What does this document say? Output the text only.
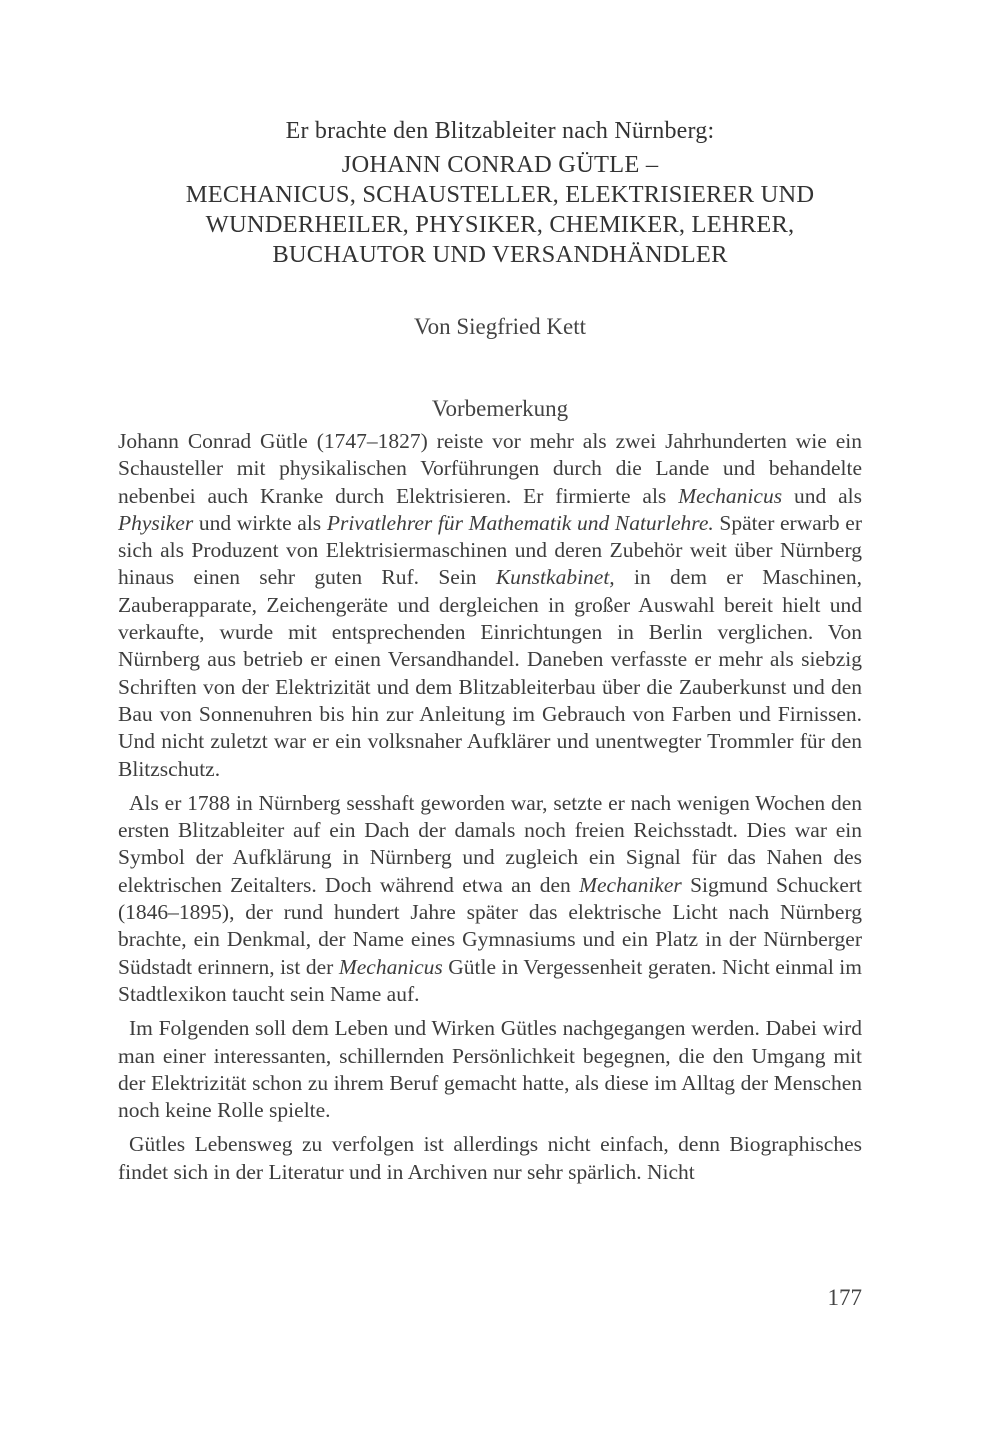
Er brachte den Blitzableiter nach Nürnberg:
JOHANN CONRAD GÜTLE –
MECHANICUS, SCHAUSTELLER, ELEKTRISIERER UND
WUNDERHEILER, PHYSIKER, CHEMIKER, LEHRER,
BUCHAUTOR UND VERSANDHÄNDLER
Von Siegfried Kett
Vorbemerkung

Johann Conrad Gütle (1747–1827) reiste vor mehr als zwei Jahrhunderten wie ein Schausteller mit physikalischen Vorführungen durch die Lande und behandelte nebenbei auch Kranke durch Elektrisieren. Er firmierte als Mechanicus und als Physiker und wirkte als Privatlehrer für Mathematik und Naturlehre. Später erwarb er sich als Produzent von Elektrisiermaschinen und deren Zubehör weit über Nürnberg hinaus einen sehr guten Ruf. Sein Kunstkabinet, in dem er Maschinen, Zauberapparate, Zeichengeräte und dergleichen in großer Auswahl bereit hielt und verkaufte, wurde mit entsprechenden Einrichtungen in Berlin verglichen. Von Nürnberg aus betrieb er einen Versandhandel. Daneben verfasste er mehr als siebzig Schriften von der Elektrizität und dem Blitzableiterbau über die Zauberkunst und den Bau von Sonnenuhren bis hin zur Anleitung im Gebrauch von Farben und Firnissen. Und nicht zuletzt war er ein volksnaher Aufklärer und unentwegter Trommler für den Blitzschutz.

Als er 1788 in Nürnberg sesshaft geworden war, setzte er nach wenigen Wochen den ersten Blitzableiter auf ein Dach der damals noch freien Reichsstadt. Dies war ein Symbol der Aufklärung in Nürnberg und zugleich ein Signal für das Nahen des elektrischen Zeitalters. Doch während etwa an den Mechaniker Sigmund Schuckert (1846–1895), der rund hundert Jahre später das elektrische Licht nach Nürnberg brachte, ein Denkmal, der Name eines Gymnasiums und ein Platz in der Nürnberger Südstadt erinnern, ist der Mechanicus Gütle in Vergessenheit geraten. Nicht einmal im Stadtlexikon taucht sein Name auf.

Im Folgenden soll dem Leben und Wirken Gütles nachgegangen werden. Dabei wird man einer interessanten, schillernden Persönlichkeit begegnen, die den Umgang mit der Elektrizität schon zu ihrem Beruf gemacht hatte, als diese im Alltag der Menschen noch keine Rolle spielte.

Gütles Lebensweg zu verfolgen ist allerdings nicht einfach, denn Biographisches findet sich in der Literatur und in Archiven nur sehr spärlich. Nicht

177
